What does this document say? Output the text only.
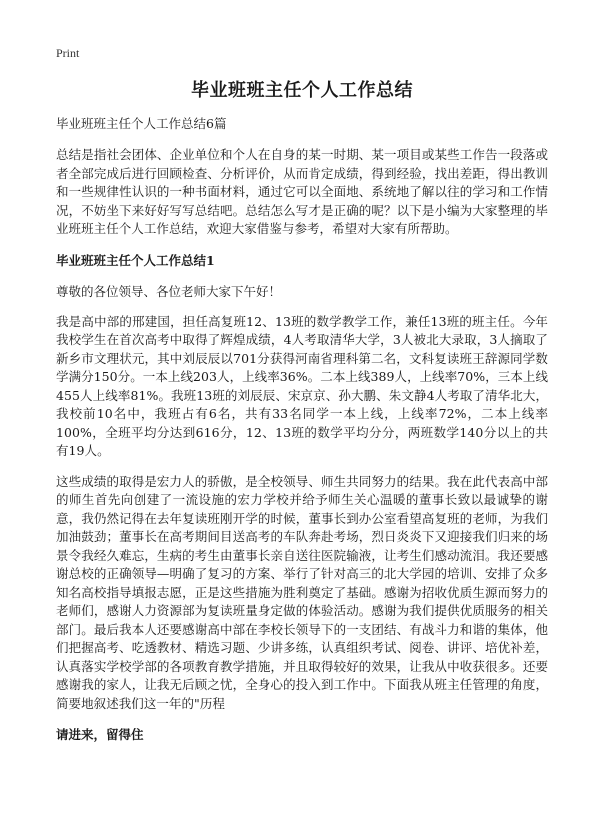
Print
毕业班班主任个人工作总结
毕业班班主任个人工作总结6篇

总结是指社会团体、企业单位和个人在自身的某一时期、某一项目或某些工作告一段落或者全部完成后进行回顾检查、分析评价，从而肯定成绩，得到经验，找出差距，得出教训和一些规律性认识的一种书面材料，通过它可以全面地、系统地了解以往的学习和工作情况，不妨坐下来好好写写总结吧。总结怎么写才是正确的呢？以下是小编为大家整理的毕业班班主任个人工作总结，欢迎大家借鉴与参考，希望对大家有所帮助。

毕业班班主任个人工作总结1

尊敬的各位领导、各位老师大家下午好！

我是高中部的邢建国，担任高复班12、13班的数学教学工作，兼任13班的班主任。今年我校学生在首次高考中取得了辉煌成绩，4人考取清华大学，3人被北大录取，3人摘取了新乡市文理状元，其中刘辰辰以701分获得河南省理科第二名，文科复读班王辞源同学数学满分150分。一本上线203人，上线率36%。二本上线389人，上线率70%，三本上线455人上线率81%。我班13班的刘辰辰、宋京京、孙大鹏、朱文静4人考取了清华北大，我校前10名中，我班占有6名，共有33名同学一本上线，上线率72%，二本上线率100%，全班平均分达到616分，12、13班的数学平均分分，两班数学140分以上的共有19人。

这些成绩的取得是宏力人的骄傲，是全校领导、师生共同努力的结果。我在此代表高中部的师生首先向创建了一流设施的宏力学校并给予师生关心温暖的董事长致以最诚挚的谢意，我仍然记得在去年复读班刚开学的时候，董事长到办公室看望高复班的老师，为我们加油鼓劲；董事长在高考期间目送高考的车队奔赴考场，烈日炎炎下又迎接我们归来的场景令我经久难忘，生病的考生由董事长亲自送往医院输液，让考生们感动流泪。我还要感谢总校的正确领导—明确了复习的方案、举行了针对高三的北大学园的培训、安排了众多知名高校指导填报志愿，正是这些措施为胜利奠定了基础。感谢为招收优质生源而努力的老师们，感谢人力资源部为复读班量身定做的体验活动。感谢为我们提供优质服务的相关部门。最后我本人还要感谢高中部在李校长领导下的一支团结、有战斗力和谐的集体，他们把握高考、吃透教材、精选习题、少讲多练，认真组织考试、阅卷、讲评、培优补差，认真落实学校学部的各项教育教学措施，并且取得较好的效果，让我从中收获很多。还要感谢我的家人，让我无后顾之忧，全身心的投入到工作中。下面我从班主任管理的角度，简要地叙述我们这一年的"历程

请进来，留得住
